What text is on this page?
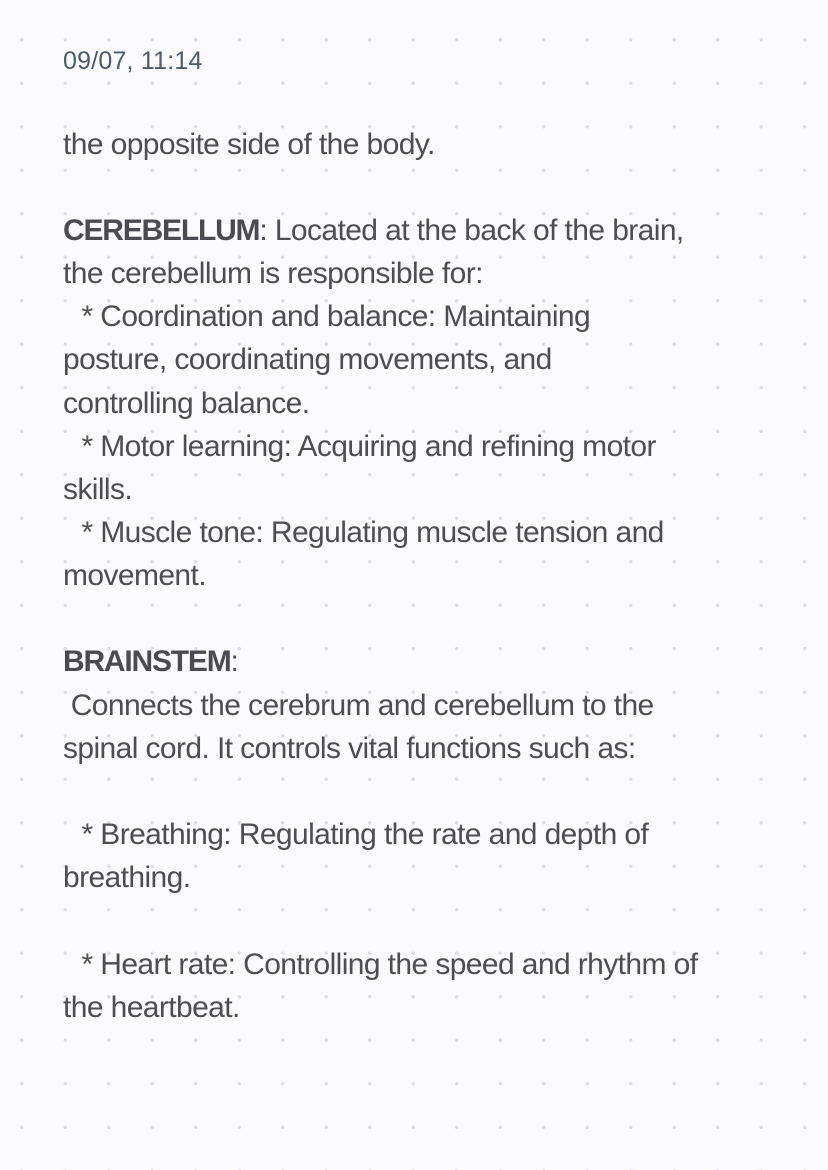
09/07, 11:14
the opposite side of the body.
CEREBELLUM: Located at the back of the brain,
the cerebellum is responsible for:
* Coordination and balance: Maintaining
posture, coordinating movements, and
controlling balance.
* Motor learning: Acquiring and refining motor
skills.
* Muscle tone: Regulating muscle tension and
movement.
BRAINSTEM:
Connects the cerebrum and cerebellum to the
spinal cord. It controls vital functions such as:
* Breathing: Regulating the rate and depth of
breathing.
* Heart rate: Controlling the speed and rhythm of
the heartbeat.
